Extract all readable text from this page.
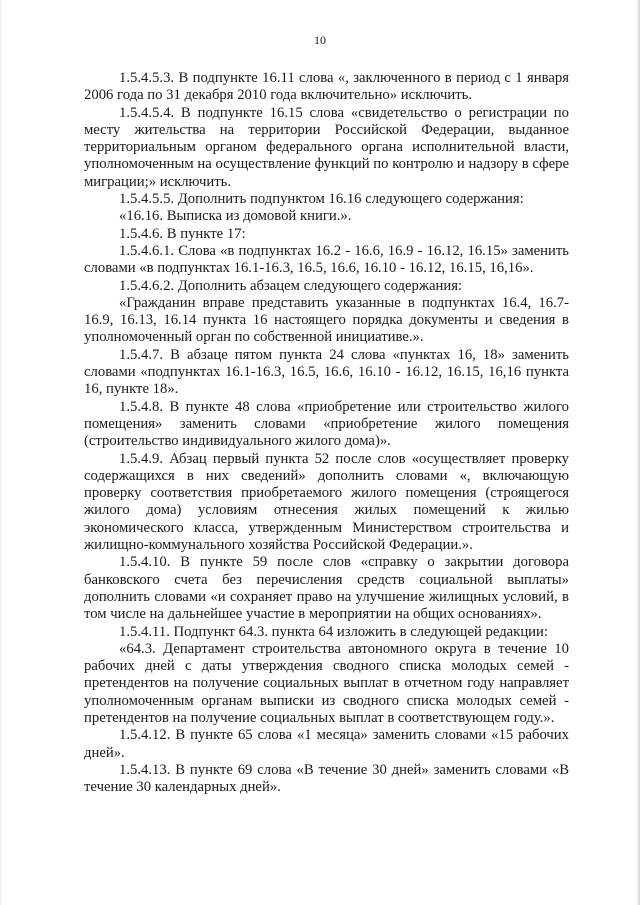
10

1.5.4.5.3. В подпункте 16.11 слова «, заключенного в период с 1 января 2006 года по 31 декабря 2010 года включительно» исключить.

1.5.4.5.4. В подпункте 16.15 слова «свидетельство о регистрации по месту жительства на территории Российской Федерации, выданное территориальным органом федерального органа исполнительной власти, уполномоченным на осуществление функций по контролю и надзору в сфере миграции;» исключить.

1.5.4.5.5. Дополнить подпунктом 16.16 следующего содержания:

«16.16. Выписка из домовой книги.».

1.5.4.6. В пункте 17:

1.5.4.6.1. Слова «в подпунктах 16.2 - 16.6, 16.9 - 16.12, 16.15» заменить словами «в подпунктах 16.1-16.3, 16.5, 16.6, 16.10 - 16.12, 16.15, 16,16».

1.5.4.6.2. Дополнить абзацем следующего содержания:

«Гражданин вправе представить указанные в подпунктах 16.4, 16.7-16.9, 16.13, 16.14 пункта 16 настоящего порядка документы и сведения в уполномоченный орган по собственной инициативе.».

1.5.4.7. В абзаце пятом пункта 24 слова «пунктах 16, 18» заменить словами «подпунктах 16.1-16.3, 16.5, 16.6, 16.10 - 16.12, 16.15, 16,16 пункта 16, пункте 18».

1.5.4.8. В пункте 48 слова «приобретение или строительство жилого помещения» заменить словами «приобретение жилого помещения (строительство индивидуального жилого дома)».

1.5.4.9. Абзац первый пункта 52 после слов «осуществляет проверку содержащихся в них сведений» дополнить словами «, включающую проверку соответствия приобретаемого жилого помещения (строящегося жилого дома) условиям отнесения жилых помещений к жилью экономического класса, утвержденным Министерством строительства и жилищно-коммунального хозяйства Российской Федерации.».

1.5.4.10. В пункте 59 после слов «справку о закрытии договора банковского счета без перечисления средств социальной выплаты» дополнить словами «и сохраняет право на улучшение жилищных условий, в том числе на дальнейшее участие в мероприятии на общих основаниях».

1.5.4.11. Подпункт 64.3. пункта 64 изложить в следующей редакции:

«64.3. Департамент строительства автономного округа в течение 10 рабочих дней с даты утверждения сводного списка молодых семей - претендентов на получение социальных выплат в отчетном году направляет уполномоченным органам выписки из сводного списка молодых семей - претендентов на получение социальных выплат в соответствующем году.».

1.5.4.12. В пункте 65 слова «1 месяца» заменить словами «15 рабочих дней».

1.5.4.13. В пункте 69 слова «В течение 30 дней» заменить словами «В течение 30 календарных дней».
